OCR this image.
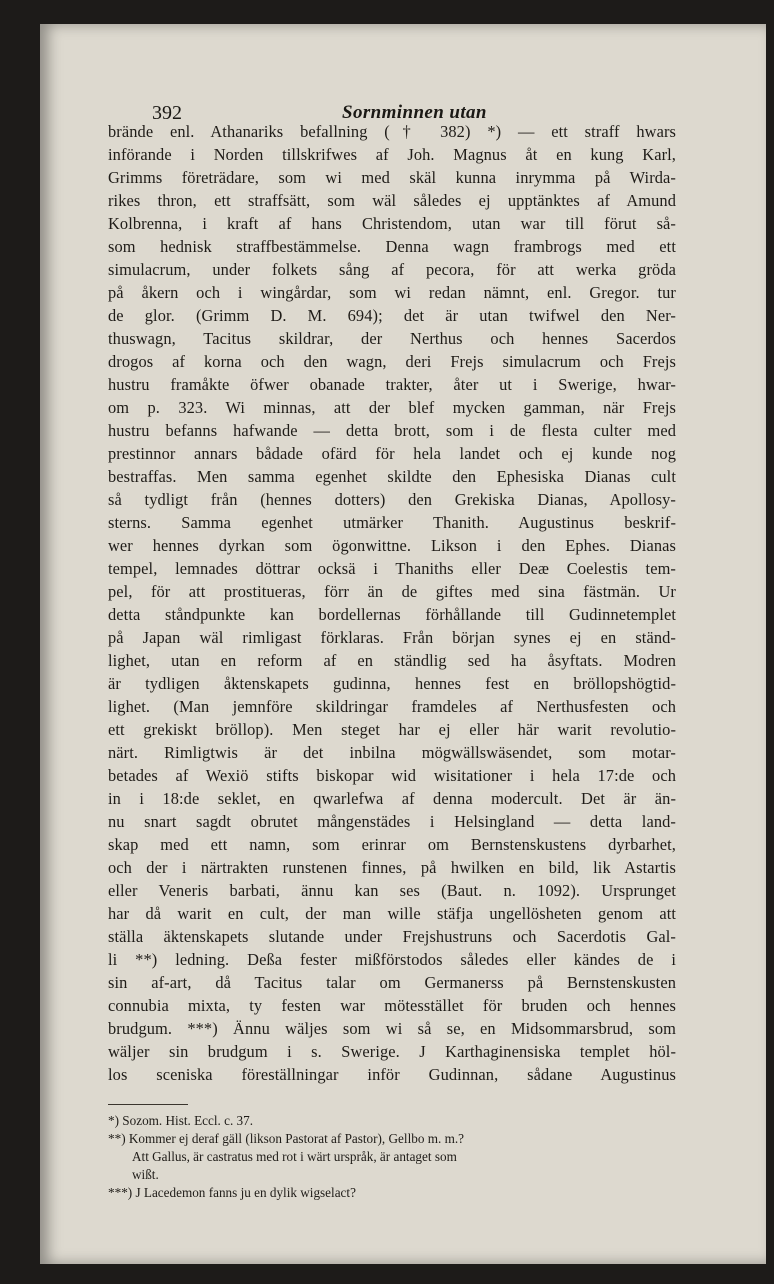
392	Sornminnen utan
brände enl. Athanariks befallning († 382) *) — ett straff hwars
införande i Norden tillskrifwes af Joh. Magnus åt en kung Karl,
Grimms företrädare, som wi med skäl kunna inrymma på Wirda-
rikes thron, ett straffsätt, som wäl således ej upptänktes af Amund
Kolbrenna, i kraft af hans Christendom, utan war till förut så-
som hednisk straffbestämmelse. Denna wagn frambrogs med ett
simulacrum, under folkets sång af pecora, för att werka gröda
på åkern och i wingårdar, som wi redan nämnt, enl. Gregor. tur
de glor. (Grimm D. M. 694); det är utan twifwel den Ner-
thuswagn, Tacitus skildrar, der Nerthus och hennes Sacerdos
drogos af korna och den wagn, deri Frejs simulacrum och Frejs
hustru framåkte öfwer obanade trakter, åter ut i Swerige, hwar-
om p. 323. Wi minnas, att der blef mycken gamman, när Frejs
hustru befanns hafwande — detta brott, som i de flesta culter med
prestinnor annars bådade ofärd för hela landet och ej kunde nog
bestraffas. Men samma egenhet skildte den Ephesiska Dianas cult
så tydligt från (hennes dotters) den Grekiska Dianas, Apollosy-
sterns. Samma egenhet utmärker Thanith. Augustinus beskrif-
wer hennes dyrkan som ögonwittne. Likson i den Ephes. Dianas
tempel, lemnades döttrar ocksä i Thaniths eller Deæ Coelestis tem-
pel, för att prostitueras, förr än de giftes med sina fästmän. Ur
detta ståndpunkte kan bordellernas förhållande till Gudinnetemplet
på Japan wäl rimligast förklaras. Från början synes ej en ständ-
lighet, utan en reform af en ständlig sed ha åsyftats. Modren
är tydligen åktenskapets gudinna, hennes fest en bröllopshögtid-
lighet. (Man jemnföre skildringar framdeles af Nerthusfesten och
ett grekiskt bröllop). Men steget har ej eller här warit revolutio-
närt. Rimligtwis är det inbilna mögwällswäsendet, som motar-
betades af Wexiö stifts biskopar wid wisitationer i hela 17:de och
in i 18:de seklet, en qwarlefwa af denna modercult. Det är än-
nu snart sagdt obrutet mångenstädes i Helsingland — detta land-
skap med ett namn, som erinrar om Bernstenskustens dyrbarhet,
och der i närtrakten runstenen finnes, på hwilken en bild, lik Astartis
eller Veneris barbati, ännu kan ses (Baut. n. 1092). Ursprunget
har då warit en cult, der man wille stäfja ungellösheten genom att
ställa äktenskapets slutande under Frejshustruns och Sacerdotis Gal-
li **) ledning. Deßa fester mißförstodos således eller kändes de i
sin af-art, då Tacitus talar om Germanerss på Bernstenskusten
connubia mixta, ty festen war mötesstället för bruden och hennes
brudgum. ***) Ännu wäljes som wi så se, en Midsommarsbrud, som
wäljer sin brudgum i s. Swerige. J Karthaginensiska templet höl-
los sceniska föreställningar inför Gudinnan, sådane Augustinus
*) Sozom. Hist. Eccl. c. 37.
**) Kommer ej deraf gäll (likson Pastorat af Pastor), Gellbo m. m.?
Att Gallus, är castratus med rot i wärt urspråk, är antaget som
wißt.
***) J Lacedemon fanns ju en dylik wigselact?
